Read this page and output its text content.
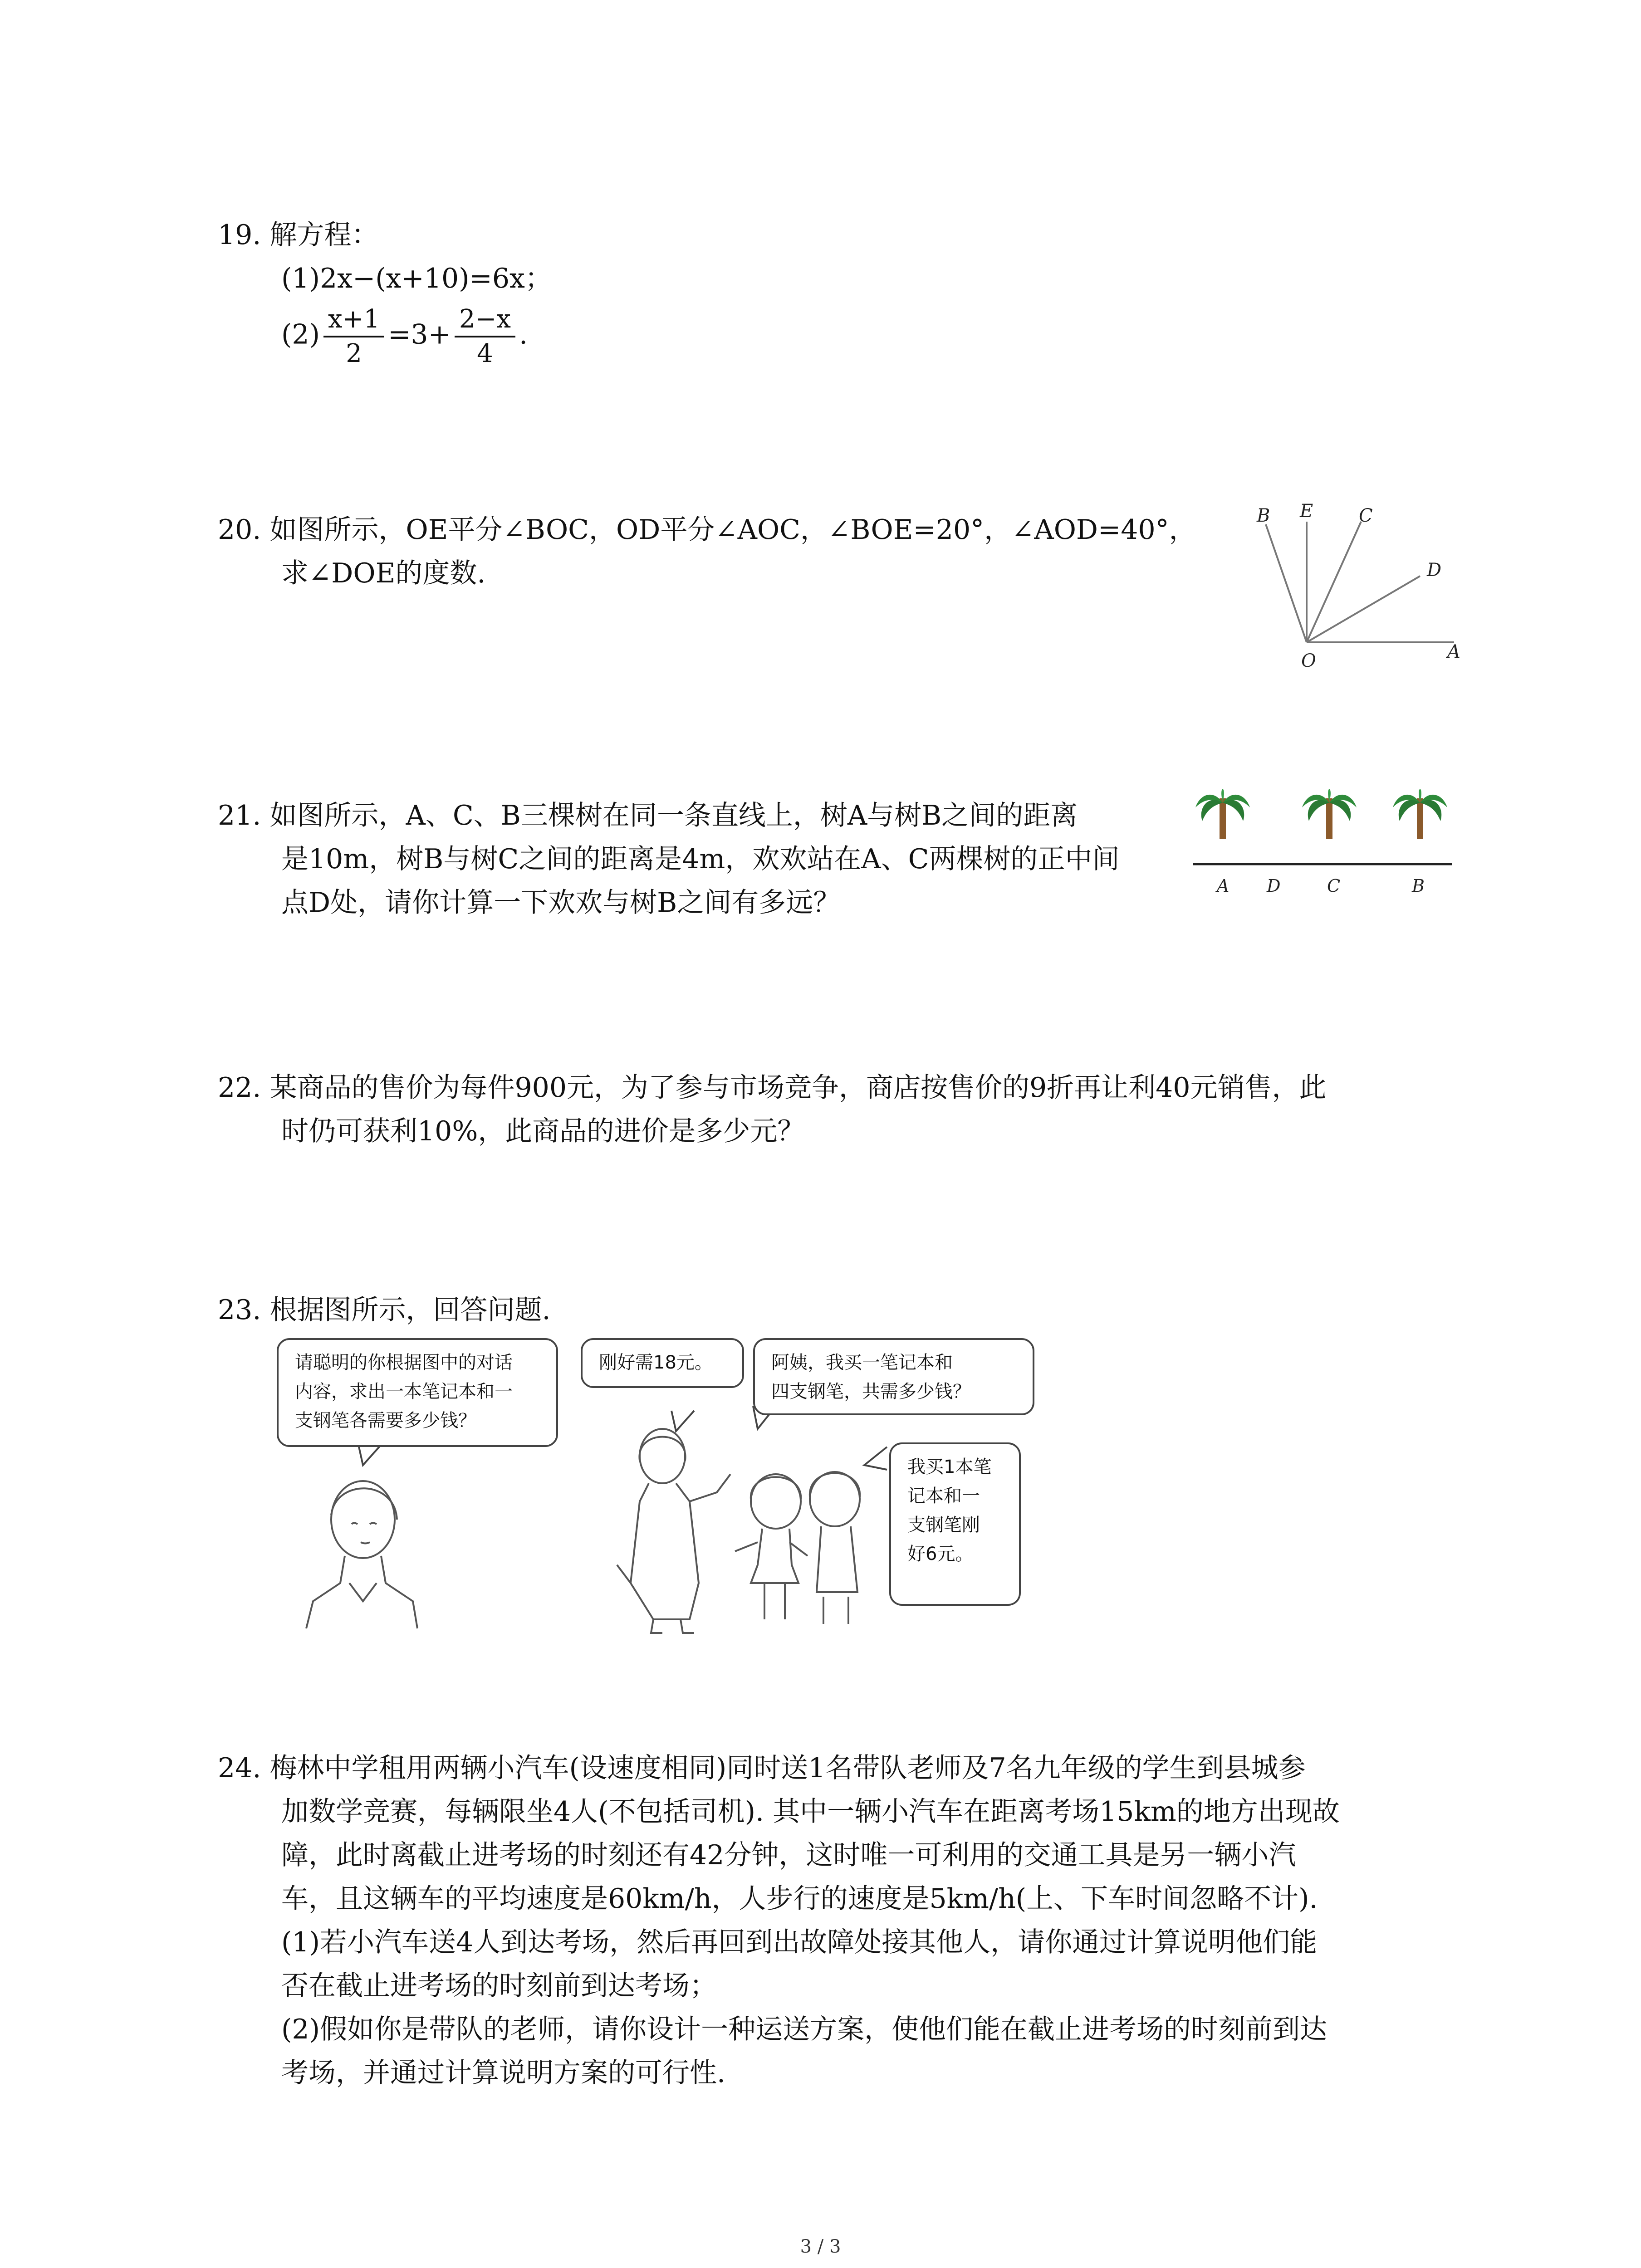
19. 解方程：
(1)2x−(x+10)=6x；
$(2) \frac{x+1}{2} =3+ \frac{2-x}{4}$ .
20. 如图所示，OE平分∠BOC，OD平分∠AOC，∠BOE=20°，∠AOD=40°，
求∠DOE的度数.
B E	C
D
O	A
21. 如图所示，A、C、B三棵树在同一条直线上，树A与树B之间的距离
是10m，树B与树C之间的距离是4m，欢欢站在A、C两棵树的正中间
点D处，请你计算一下欢欢与树B之间有多远？
A D	C	B
22. 某商品的售价为每件900元，为了参与市场竞争，商店按售价的9折再让利40元销售，此
时仍可获利10%，此商品的进价是多少元？
23. 根据图所示，回答问题.
请聪明的你根据图中的对话
内容，求出一本笔记本和一
支钢笔各需要多少钱？
刚好需18元。	阿姨，我买一笔记本和
四支钢笔，共需多少钱？
我买1本笔
记本和一
支钢笔刚
好6元。
24. 梅林中学租用两辆小汽车(设速度相同)同时送1名带队老师及7名九年级的学生到县城参
加数学竞赛，每辆限坐4人(不包括司机). 其中一辆小汽车在距离考场15km的地方出现故
障，此时离截止进考场的时刻还有42分钟，这时唯一可利用的交通工具是另一辆小汽
车，且这辆车的平均速度是60km/h，人步行的速度是5km/h(上、下车时间忽略不计).
(1)若小汽车送4人到达考场，然后再回到出故障处接其他人，请你通过计算说明他们能
否在截止进考场的时刻前到达考场；
(2)假如你是带队的老师，请你设计一种运送方案，使他们能在截止进考场的时刻前到达
考场，并通过计算说明方案的可行性.
3 / 3
